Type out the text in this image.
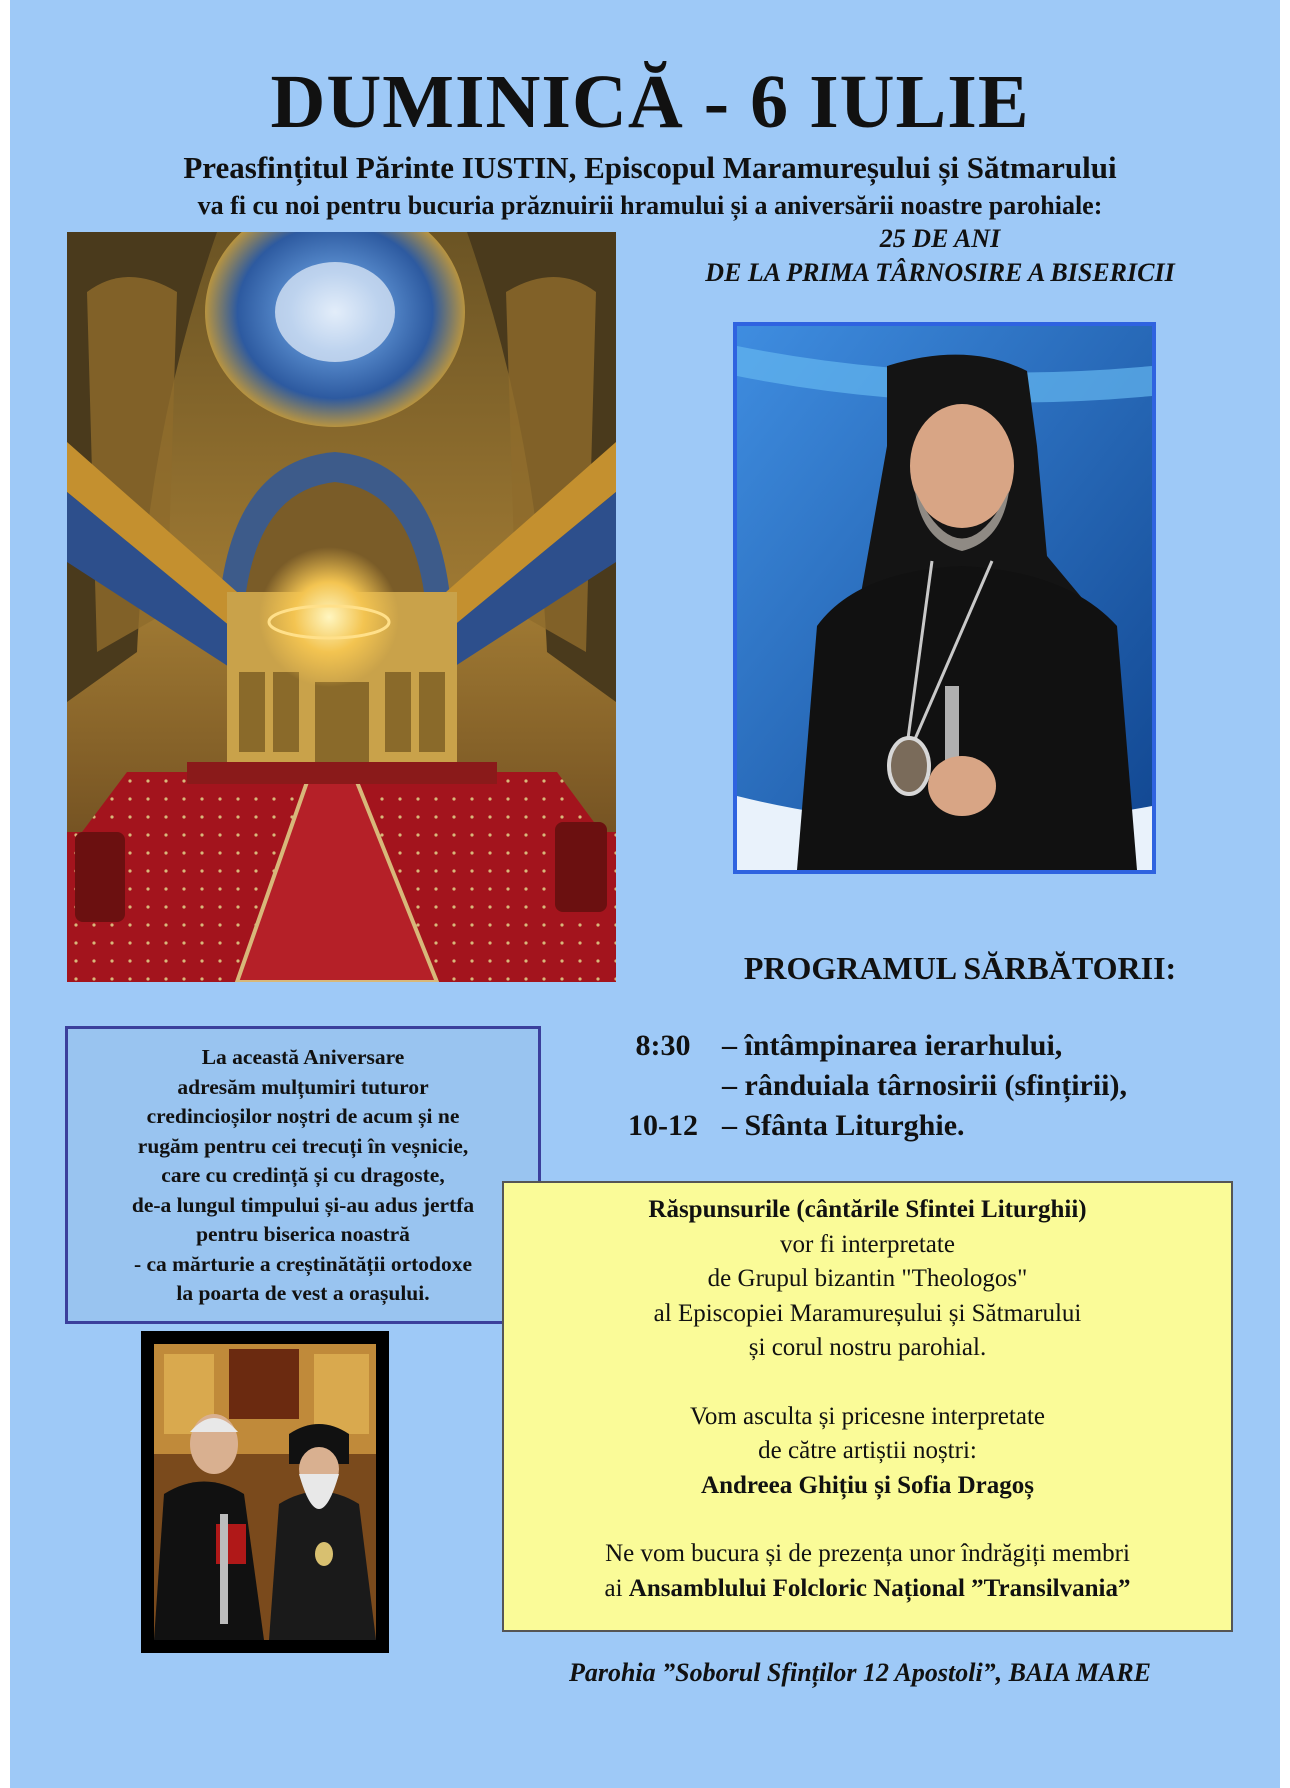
DUMINICĂ - 6 IULIE
Preasfințitul Părinte IUSTIN, Episcopul Maramureșului și Sătmarului
va fi cu noi pentru bucuria prăznuirii hramului și a aniversării noastre parohiale:
25 DE ANI
DE LA PRIMA TÂRNOSIRE A BISERICII
PROGRAMUL SĂRBĂTORII:
8:30	– întâmpinarea ierarhului,
– rânduiala târnosirii (sfințirii),
10-12 – Sfânta Liturghie.
La această Aniversare
adresăm mulțumiri tuturor
credincioșilor noștri de acum și ne
rugăm pentru cei trecuți în veșnicie,
care cu credință și cu dragoste,
de-a lungul timpului și-au adus jertfa
pentru biserica noastră
- ca mărturie a creștinătății ortodoxe
la poarta de vest a orașului.
Răspunsurile (cântările Sfintei Liturghii)
vor fi interpretate
de Grupul bizantin "Theologos"
al Episcopiei Maramureșului și Sătmarului
și corul nostru parohial.
Vom asculta și pricesne interpretate
de către artiștii noștri:
Andreea Ghițiu și Sofia Dragoș
Ne vom bucura și de prezența unor îndrăgiți membri
ai Ansamblului Folcloric Național ”Transilvania”
Parohia ”Soborul Sfinților 12 Apostoli”, BAIA MARE
